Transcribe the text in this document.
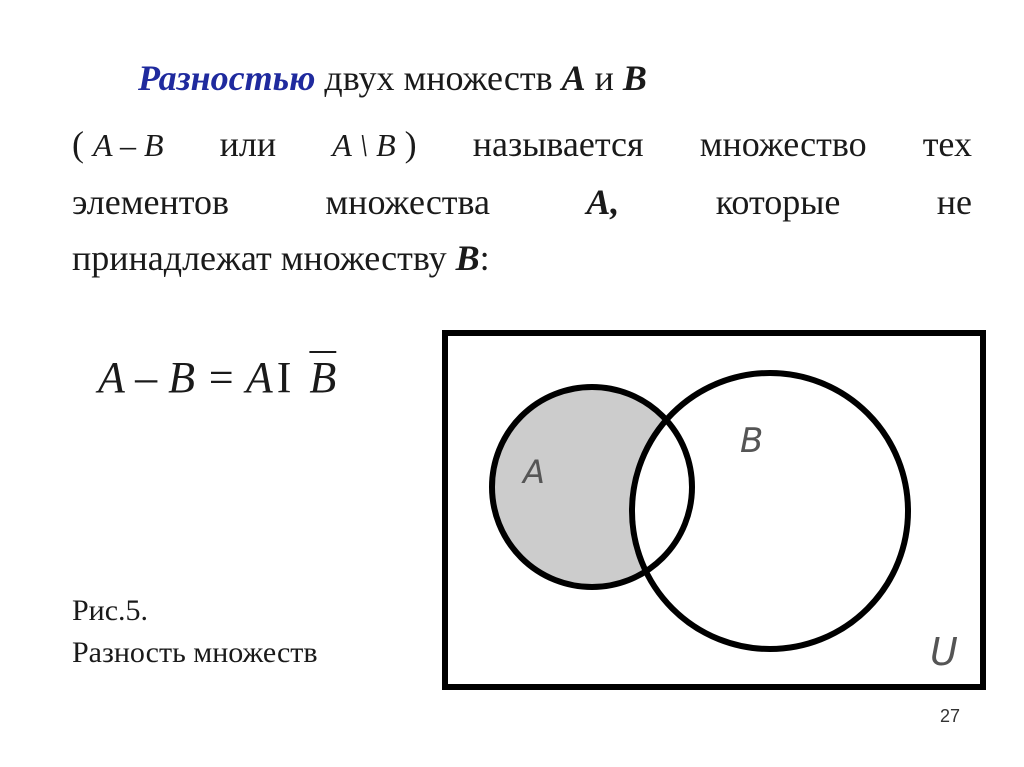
Разностью двух множеств A и B
( A – B или A \ B ) называется множество тех
элементов	множества	A,	которые	не
принадлежат множеству B:
A – B = AI $\overline{B}$
Рис.5.
Разность множеств
A
B
U
27
